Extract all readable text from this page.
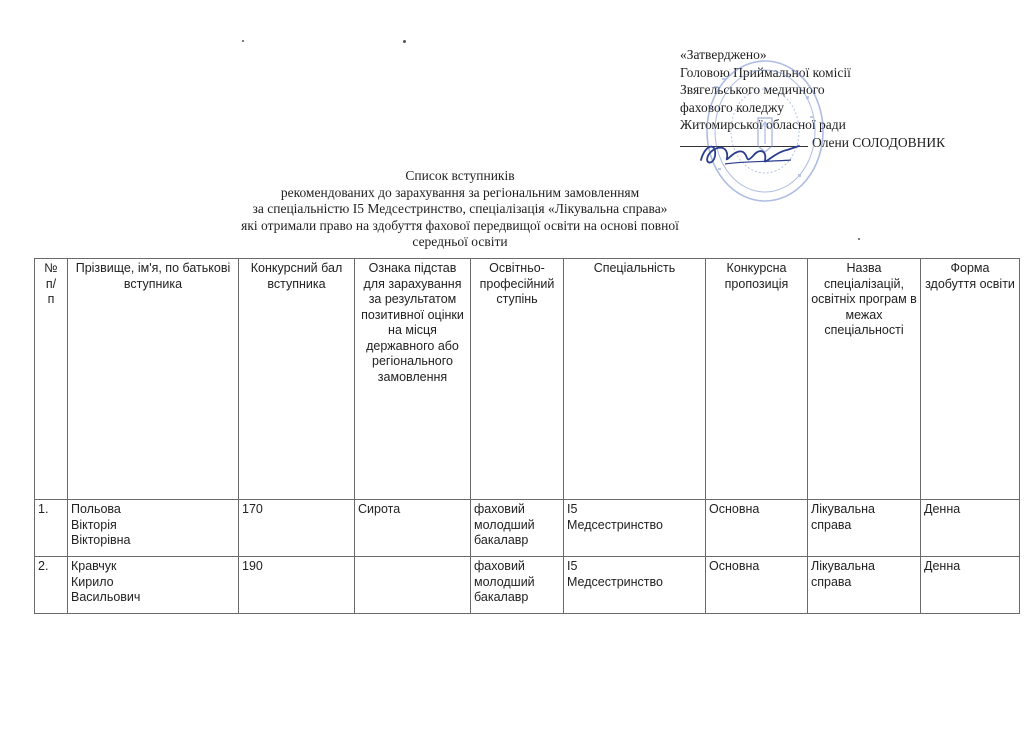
«Затверджено»
Головою Приймальної комісії
Звягельського медичного
фахового коледжу
Житомирської обласної ради
Олени СОЛОДОВНИК
Список вступників
рекомендованих до зарахування за регіональним замовленням
за спеціальністю І5 Медсестринство, спеціалізація «Лікувальна справа»
які отримали право на здобуття фахової передвищої освіти на основі повної
середньої освіти
№
п/
п	Прізвище, ім'я, по батькові вступника	Конкурсний бал вступника	Ознака підстав для зарахування за результатом позитивної оцінки на місця державного або регіонального замовлення	Освітньо-професійний ступінь	Спеціальність	Конкурсна пропозиція	Назва спеціалізацій, освітніх програм в межах спеціальності	Форма здобуття освіти
1.	Польова
Вікторія
Вікторівна	170	Сирота	фаховий
молодший
бакалавр	І5
Медсестринство	Основна	Лікувальна
справа	Денна
2.	Кравчук
Кирило
Васильович	190		фаховий
молодший
бакалавр	І5
Медсестринство	Основна	Лікувальна
справа	Денна
